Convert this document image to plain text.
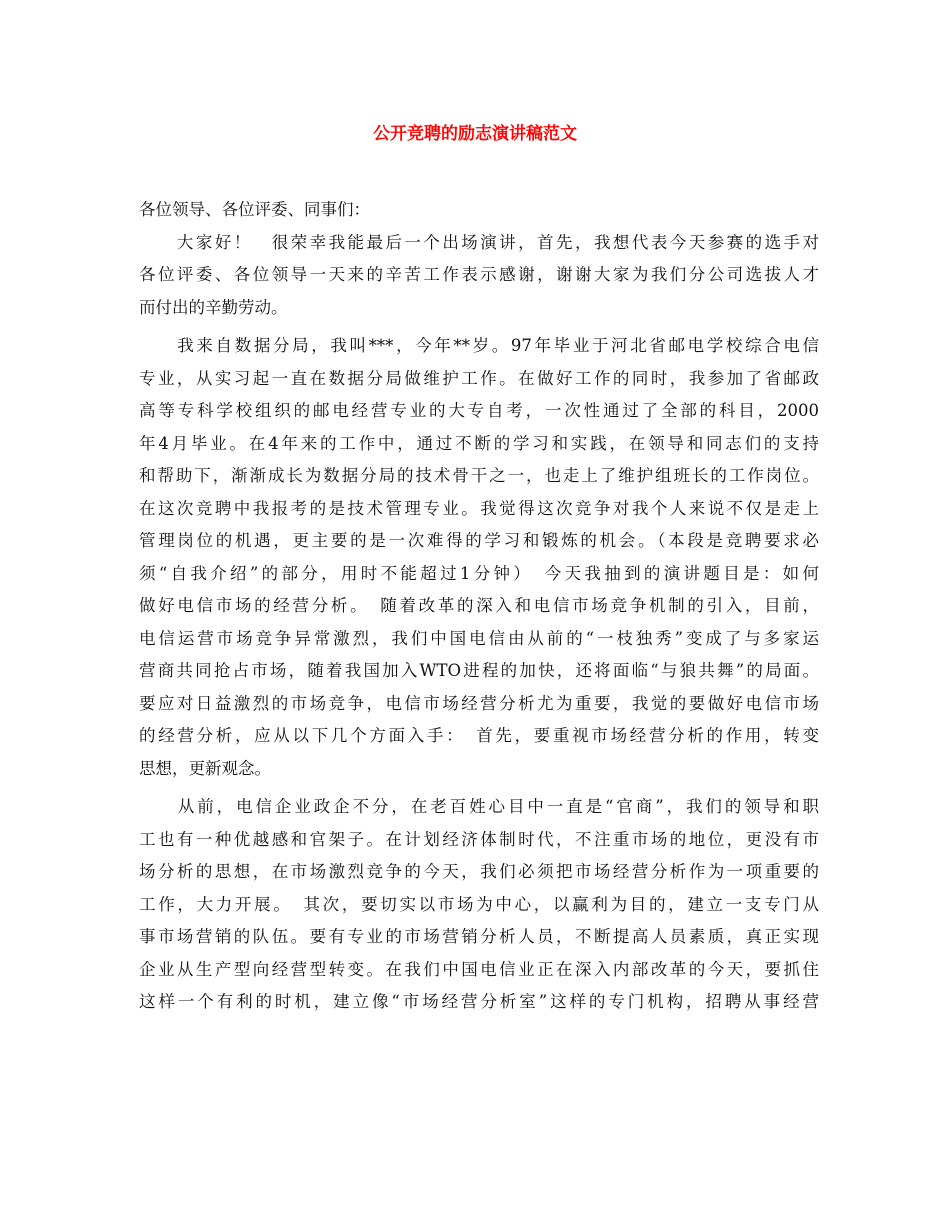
公开竞聘的励志演讲稿范文
各位领导、各位评委、同事们：
　　大家好！　很荣幸我能最后一个出场演讲，首先，我想代表今天参赛的选手对
各位评委、各位领导一天来的辛苦工作表示感谢，谢谢大家为我们分公司选拔人才
而付出的辛勤劳动。
　　我来自数据分局，我叫***，今年**岁。97年毕业于河北省邮电学校综合电信
专业，从实习起一直在数据分局做维护工作。在做好工作的同时，我参加了省邮政
高等专科学校组织的邮电经营专业的大专自考，一次性通过了全部的科目，2000
年4月毕业。在4年来的工作中，通过不断的学习和实践，在领导和同志们的支持
和帮助下，渐渐成长为数据分局的技术骨干之一，也走上了维护组班长的工作岗位。
在这次竞聘中我报考的是技术管理专业。我觉得这次竞争对我个人来说不仅是走上
管理岗位的机遇，更主要的是一次难得的学习和锻炼的机会。（本段是竞聘要求必
须“自我介绍”的部分，用时不能超过1分钟）　今天我抽到的演讲题目是：如何
做好电信市场的经营分析。　随着改革的深入和电信市场竞争机制的引入，目前，
电信运营市场竞争异常激烈，我们中国电信由从前的“一枝独秀”变成了与多家运
营商共同抢占市场，随着我国加入WTO进程的加快，还将面临“与狼共舞”的局面。
要应对日益激烈的市场竞争，电信市场经营分析尤为重要，我觉的要做好电信市场
的经营分析，应从以下几个方面入手：　首先，要重视市场经营分析的作用，转变
思想，更新观念。
　　从前，电信企业政企不分，在老百姓心目中一直是“官商”，我们的领导和职
工也有一种优越感和官架子。在计划经济体制时代，不注重市场的地位，更没有市
场分析的思想，在市场激烈竞争的今天，我们必须把市场经营分析作为一项重要的
工作，大力开展。　其次，要切实以市场为中心，以赢利为目的，建立一支专门从
事市场营销的队伍。要有专业的市场营销分析人员，不断提高人员素质，真正实现
企业从生产型向经营型转变。在我们中国电信业正在深入内部改革的今天，要抓住
这样一个有利的时机，建立像“市场经营分析室”这样的专门机构，招聘从事经营
